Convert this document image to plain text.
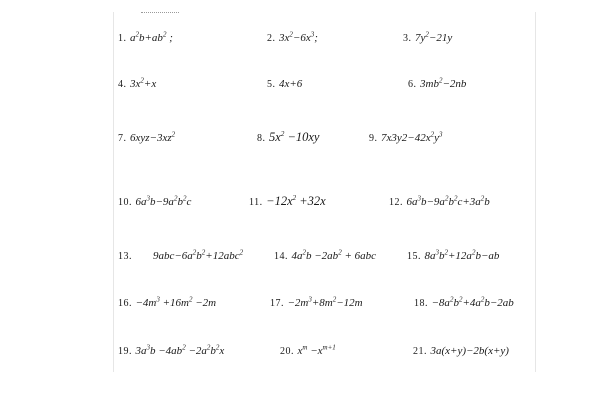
1. $a^2b+ab^2$ ;	2. $3x^2-6x^3$;	3. $7y^2-21y$
4. $3x^2+x$	5. 4x+6	6. $3mb^2-2nb$
7. $6xyz-3xz^2$	8. $5x^2 -10xy$	9. $7x3y2-42x^2y^3$
10. $6a^3b-9a^2b^2c$	11. $-12x^2 +32x$	12. $6a^3b-9a^2b^2c+3a^2b$
13. $9abc-6a^2b^2+12abc^2$	14. $4a^2b -2ab^2 + 6abc$	15. $8a^3b^2+12a^2b-ab$
16. $-4m^3 +16m^2 -2m$	17. $-2m^3+8m^2-12m$	18. $-8a^2b^2+4a^2b-2ab$
19. $3a^3b -4ab^2 -2a^2b^2x$	20. $x^m -x^{m+1}$	21. 3a(x+y)−2b(x+y)
